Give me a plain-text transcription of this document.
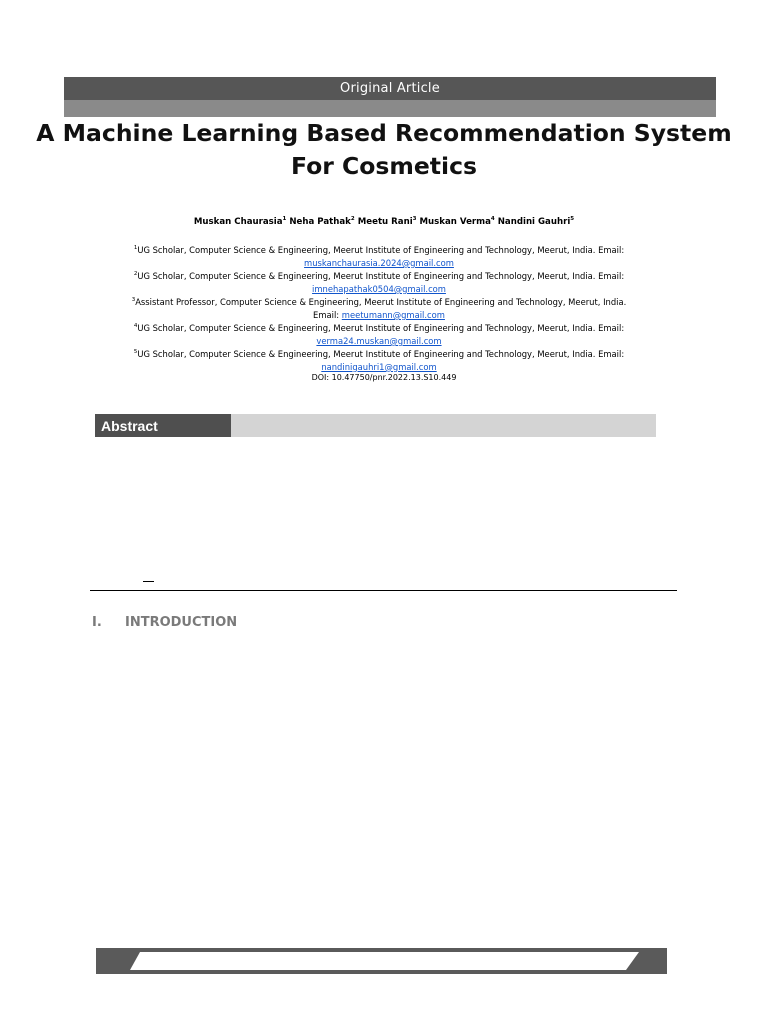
Original Article
A Machine Learning Based Recommendation System For Cosmetics
Muskan Chaurasia$^1$ Neha Pathak$^2$ Meetu Rani$^3$ Muskan Verma$^4$ Nandini Gauhri$^5$
$^1$UG Scholar, Computer Science & Engineering, Meerut Institute of Engineering and Technology, Meerut, India. Email:
muskanchaurasia.2024@gmail.com
$^2$UG Scholar, Computer Science & Engineering, Meerut Institute of Engineering and Technology, Meerut, India. Email:
imnehapathak0504@gmail.com
$^3$Assistant Professor, Computer Science & Engineering, Meerut Institute of Engineering and Technology, Meerut, India.
Email: meetumann@gmail.com
$^4$UG Scholar, Computer Science & Engineering, Meerut Institute of Engineering and Technology, Meerut, India. Email:
verma24.muskan@gmail.com
$^5$UG Scholar, Computer Science & Engineering, Meerut Institute of Engineering and Technology, Meerut, India. Email:
nandinigauhri1@gmail.com
DOI: 10.47750/pnr.2022.13.S10.449
Abstract
I. INTRODUCTION
